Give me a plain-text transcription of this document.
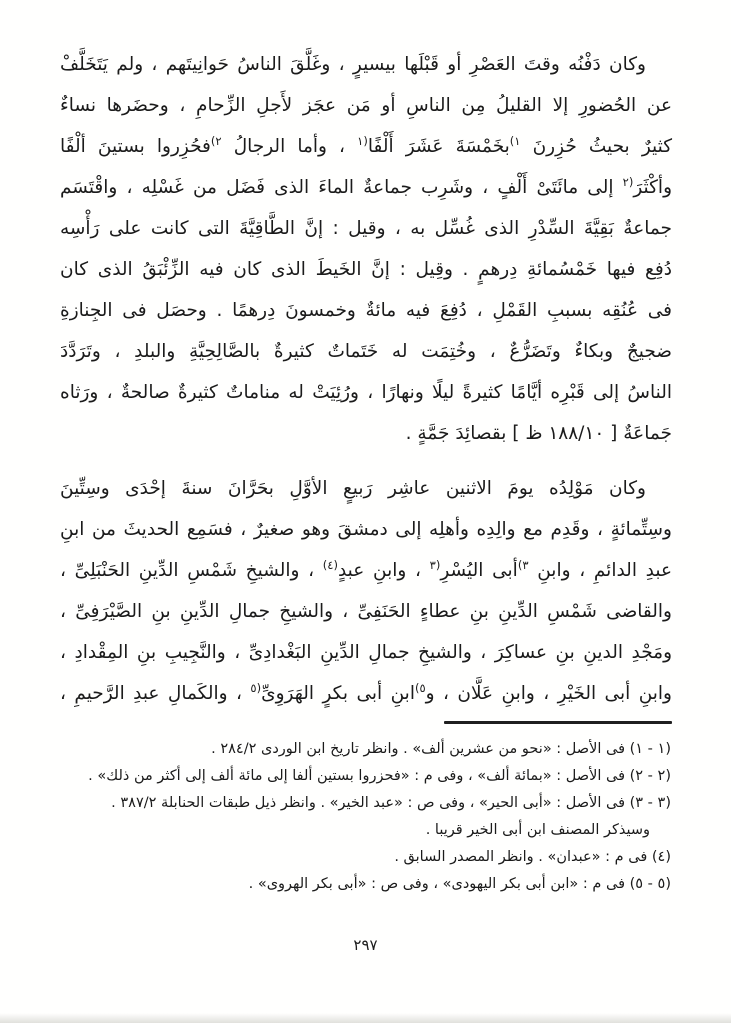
وكان دَفْنُه وقتَ العَصْرِ أو قَبْلَها بيسيرٍ ، وغَلَّقَ الناسُ حَوانِيتَهم ، ولم يَتَخَلَّفْ
عن الحُضورِ إلا القليلُ مِن الناسِ أو مَن عجَز لأَجلِ الزِّحامِ ، وحضَرها نساءٌ
كثيرٌ بحيثُ حُزِرنَ $^{(١}$بخَمْسَةَ عَشَرَ أَلْفًا$^{١)}$ ، وأما الرجالُ $^{(٢}$فحُزِروا بستينَ ألْفًا
وأكْثَرَ$^{٢)}$ إلى مائَتَىْ أَلْفٍ ، وشَرِب جماعةٌ الماءَ الذى فَضَل من غَسْلِه ، واقْتَسَم
جماعةٌ بَقِيَّةَ السِّدْرِ الذى غُسِّل به ، وقيل : إنَّ الطَّاقِيَّةَ التى كانت على رَأْسِه
دُفِع فيها خَمْسُمائةِ دِرهمٍ . وقِيل : إنَّ الخَيطَ الذى كان فيه الزِّئْبَقُ الذى كان
فى عُنُقِه بسببِ القَمْلِ ، دُفِعَ فيه مائةٌ وخمسونَ دِرهمًا . وحصَل فى الجِنازةِ
ضجيجٌ وبكاءٌ وتَضَرُّعٌ ، وخُتِمَت له خَتَماتٌ كثيرةٌ بالصَّالِحِيَّةِ والبلدِ ، وتَرَدَّدَ
الناسُ إلى قَبْرِه أيَّامًا كثيرةً ليلًا ونهارًا ، ورُئِيَتْ له مناماتٌ كثيرةٌ صالحةٌ ، ورَثاه
جَماعَةٌ [ ١٨٨/١٠ ظ ] بقصائِدَ جَمَّةٍ .
وكان مَوْلِدُه يومَ الاثنين عاشِر رَبيعٍ الأوَّلِ بحَرَّانَ سنةَ إحْدَى وسِتِّينَ
وسِتِّمائةٍ ، وقَدِم مع والِدِه وأهلِه إلى دمشقَ وهو صغيرٌ ، فسَمِع الحديثَ من ابنِ
عبدِ الدائمِ ، وابنِ $^{(٣}$أبى اليُسْرِ$^{٣)}$ ، وابنِ عبدٍ$^{(٤)}$ ، والشيخِ شَمْسِ الدِّينِ الحَنْبَلِىِّ ،
والقاضى شَمْسِ الدِّينِ بنِ عطاءٍ الحَنَفِىِّ ، والشيخِ جمالِ الدِّينِ بنِ الصَّيْرَفِىِّ ،
ومَجْدِ الدينِ بنِ عساكِرَ ، والشيخِ جمالِ الدِّينِ البَغْدادِىِّ ، والنَّجِيبِ بنِ المِقْدادِ ،
وابنِ أبى الخَيْرِ ، وابنِ عَلَّان ، و$^{(٥}$ابنِ أبى بكرٍ الهَرَوِىِّ$^{٥)}$ ، والكَمالِ عبدِ الرَّحيمِ ،
(١ - ١) فى الأصل : «نحو من عشرين ألف» . وانظر تاريخ ابن الوردى ٢٨٤/٢ .
(٢ - ٢) فى الأصل : «بمائة ألف» ، وفى م : «فحزروا بستين ألفا إلى مائة ألف إلى أكثر من ذلك» .
(٣ - ٣) فى الأصل : «أبى الحير» ، وفى ص : «عبد الخير» . وانظر ذيل طبقات الحنابلة ٣٨٧/٢ .
وسيذكر المصنف ابن أبى الخير قريبا .
(٤) فى م : «عبدان» . وانظر المصدر السابق .
(٥ - ٥) فى م : «ابن أبى بكر اليهودى» ، وفى ص : «أبى بكر الهروى» .
٢٩٧
